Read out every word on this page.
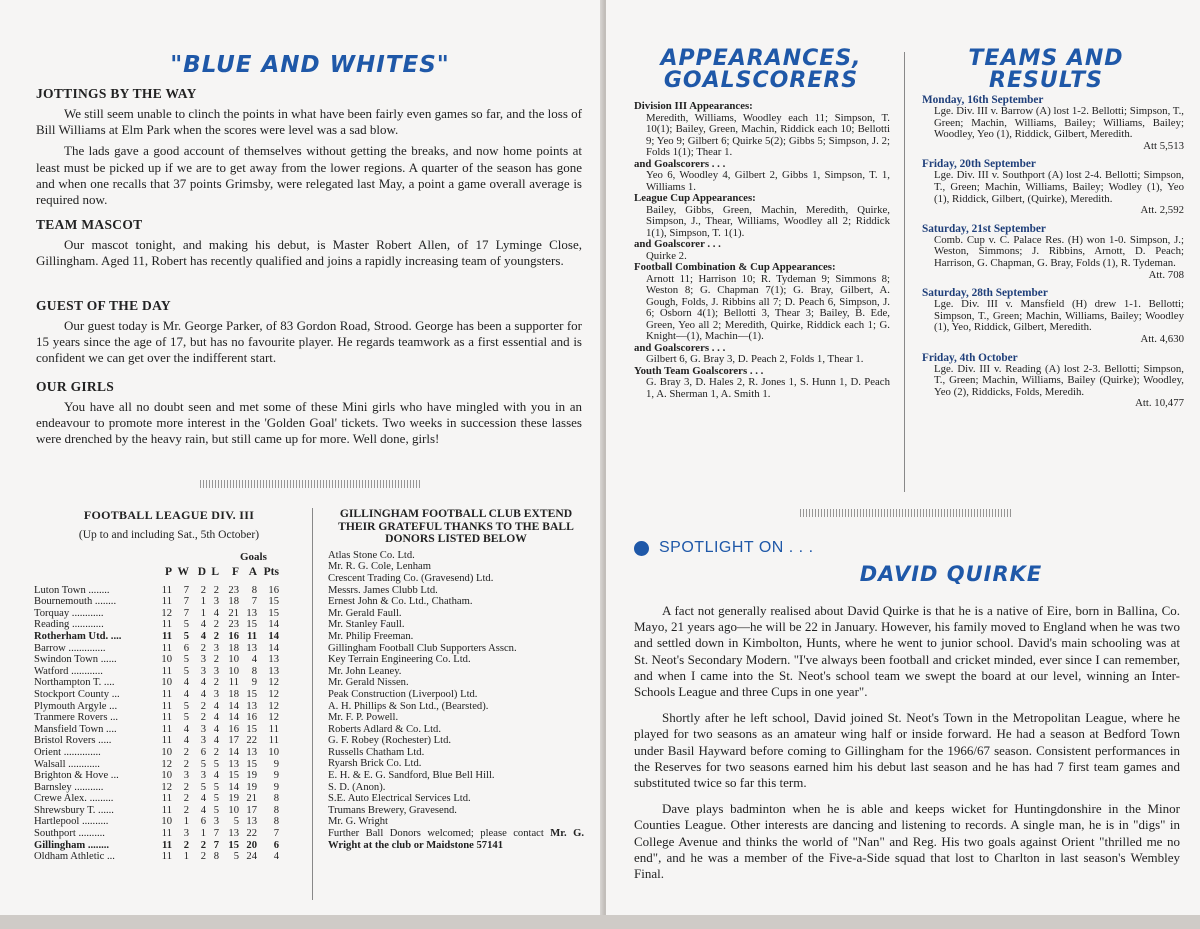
"BLUE AND WHITES"
JOTTINGS BY THE WAY

We still seem unable to clinch the points in what have been fairly even games so far, and the loss of Bill Williams at Elm Park when the scores were level was a sad blow.

The lads gave a good account of themselves without getting the breaks, and now home points at least must be picked up if we are to get away from the lower regions. A quarter of the season has gone and when one recalls that 37 points Grimsby, were relegated last May, a point a game overall average is required now.

TEAM MASCOT

Our mascot tonight, and making his debut, is Master Robert Allen, of 17 Lyminge Close, Gillingham. Aged 11, Robert has recently qualified and joins a rapidly increasing team of youngsters.

GUEST OF THE DAY

Our guest today is Mr. George Parker, of 83 Gordon Road, Strood. George has been a supporter for 15 years since the age of 17, but has no favourite player. He regards teamwork as a first essential and is confident we can get over the indifferent start.

OUR GIRLS

You have all no doubt seen and met some of these Mini girls who have mingled with you in an endeavour to promote more interest in the 'Golden Goal' tickets. Two weeks in succession these lasses were drenched by the heavy rain, but still came up for more. Well done, girls!

FOOTBALL LEAGUE DIV. III
(Up to and including Sat., 5th October)
Goals
	P	W	D	L	F	A	Pts

Luton Town ........	11	7	2	2	23	8	16
Bournemouth ........	11	7	1	3	18	7	15
Torquay ............	12	7	1	4	21	13	15
Reading ............	11	5	4	2	23	15	14
Rotherham Utd. ....	11	5	4	2	16	11	14
Barrow ..............	11	6	2	3	18	13	14
Swindon Town ......	10	5	3	2	10	4	13
Watford ............	11	5	3	3	10	8	13
Northampton T. ....	10	4	4	2	11	9	12
Stockport County ...	11	4	4	3	18	15	12
Plymouth Argyle ...	11	5	2	4	14	13	12
Tranmere Rovers ...	11	5	2	4	14	16	12
Mansfield Town ....	11	4	3	4	16	15	11
Bristol Rovers .....	11	4	3	4	17	22	11
Orient ..............	10	2	6	2	14	13	10
Walsall ............	12	2	5	5	13	15	9
Brighton & Hove ...	10	3	3	4	15	19	9
Barnsley ...........	12	2	5	5	14	19	9
Crewe Alex. .........	11	2	4	5	19	21	8
Shrewsbury T. ......	11	2	4	5	10	17	8
Hartlepool ..........	10	1	6	3	5	13	8
Southport ..........	11	3	1	7	13	22	7
Gillingham ........	11	2	2	7	15	20	6
Oldham Athletic ...	11	1	2	8	5	24	4
GILLINGHAM FOOTBALL CLUB EXTEND THEIR GRATEFUL THANKS TO THE BALL DONORS LISTED BELOW
Atlas Stone Co. Ltd.
Mr. R. G. Cole, Lenham
Crescent Trading Co. (Gravesend) Ltd.
Messrs. James Clubb Ltd.
Ernest John & Co. Ltd., Chatham.
Mr. Gerald Faull.
Mr. Stanley Faull.
Mr. Philip Freeman.
Gillingham Football Club Supporters Asscn.
Key Terrain Engineering Co. Ltd.
Mr. John Leaney.
Mr. Gerald Nissen.
Peak Construction (Liverpool) Ltd.
A. H. Phillips & Son Ltd., (Bearsted).
Mr. F. P. Powell.
Roberts Adlard & Co. Ltd.
G. F. Robey (Rochester) Ltd.
Russells Chatham Ltd.
Ryarsh Brick Co. Ltd.
E. H. & E. G. Sandford, Blue Bell Hill.
S. D. (Anon).
S.E. Auto Electrical Services Ltd.
Trumans Brewery, Gravesend.
Mr. G. Wright
Further Ball Donors welcomed; please contact Mr. G. Wright at the club or Maidstone 57141
APPEARANCES,
GOALSCORERS
Division III Appearances:
Meredith, Williams, Woodley each 11; Simpson, T. 10(1); Bailey, Green, Machin, Riddick each 10; Bellotti 9; Yeo 9; Gilbert 6; Quirke 5(2); Gibbs 5; Simpson, J. 2; Folds 1(1); Thear 1.
and Goalscorers . . .
Yeo 6, Woodley 4, Gilbert 2, Gibbs 1, Simpson, T. 1, Williams 1.
League Cup Appearances:
Bailey, Gibbs, Green, Machin, Meredith, Quirke, Simpson, J., Thear, Williams, Woodley all 2; Riddick 1(1), Simpson, T. 1(1).
and Goalscorer . . .
Quirke 2.
Football Combination & Cup Appearances:
Arnott 11; Harrison 10; R. Tydeman 9; Simmons 8; Weston 8; G. Chapman 7(1); G. Bray, Gilbert, A. Gough, Folds, J. Ribbins all 7; D. Peach 6, Simpson, J. 6; Osborn 4(1); Bellotti 3, Thear 3; Bailey, B. Ede, Green, Yeo all 2; Meredith, Quirke, Riddick each 1; G. Knight—(1), Machin—(1).
and Goalscorers . . .
Gilbert 6, G. Bray 3, D. Peach 2, Folds 1, Thear 1.
Youth Team Goalscorers . . .
G. Bray 3, D. Hales 2, R. Jones 1, S. Hunn 1, D. Peach 1, A. Sherman 1, A. Smith 1.
TEAMS AND
RESULTS
Monday, 16th September
Lge. Div. III v. Barrow (A) lost 1-2. Bellotti; Simpson, T., Green; Machin, Williams, Bailey; Williams, Bailey; Woodley, Yeo (1), Riddick, Gilbert, Meredith.
Att 5,513
Friday, 20th September
Lge. Div. III v. Southport (A) lost 2-4. Bellotti; Simpson, T., Green; Machin, Williams, Bailey; Wodley (1), Yeo (1), Riddick, Gilbert, (Quirke), Meredith.
Att. 2,592
Saturday, 21st September
Comb. Cup v. C. Palace Res. (H) won 1-0. Simpson, J.; Weston, Simmons; J. Ribbins, Arnott, D. Peach; Harrison, G. Chapman, G. Bray, Folds (1), R. Tydeman.
Att. 708
Saturday, 28th September
Lge. Div. III v. Mansfield (H) drew 1-1. Bellotti; Simpson, T., Green; Machin, Williams, Bailey; Woodley (1), Yeo, Riddick, Gilbert, Meredith.
Att. 4,630
Friday, 4th October
Lge. Div. III v. Reading (A) lost 2-3. Bellotti; Simpson, T., Green; Machin, Williams, Bailey (Quirke); Woodley, Yeo (2), Riddicks, Folds, Meredih.
Att. 10,477
SPOTLIGHT ON . . .
DAVID QUIRKE

A fact not generally realised about David Quirke is that he is a native of Eire, born in Ballina, Co. Mayo, 21 years ago—he will be 22 in January. However, his family moved to England when he was two and settled down in Kimbolton, Hunts, where he went to junior school. David's main schooling was at St. Neot's Secondary Modern. "I've always been football and cricket minded, ever since I can remember, and when I came into the St. Neot's school team we swept the board at our level, winning an Inter-Schools League and three Cups in one year".

Shortly after he left school, David joined St. Neot's Town in the Metropolitan League, where he played for two seasons as an amateur wing half or inside forward. He had a season at Bedford Town under Basil Hayward before coming to Gillingham for the 1966/67 season. Consistent performances in the Reserves for two seasons earned him his debut last season and he has had 7 first team games and substituted twice so far this term.

Dave plays badminton when he is able and keeps wicket for Huntingdonshire in the Minor Counties League. Other interests are dancing and listening to records. A single man, he is in "digs" in College Avenue and thinks the world of "Nan" and Reg. His two goals against Orient "thrilled me no end", and he was a member of the Five-a-Side squad that lost to Charlton in last season's Wembley Final.
